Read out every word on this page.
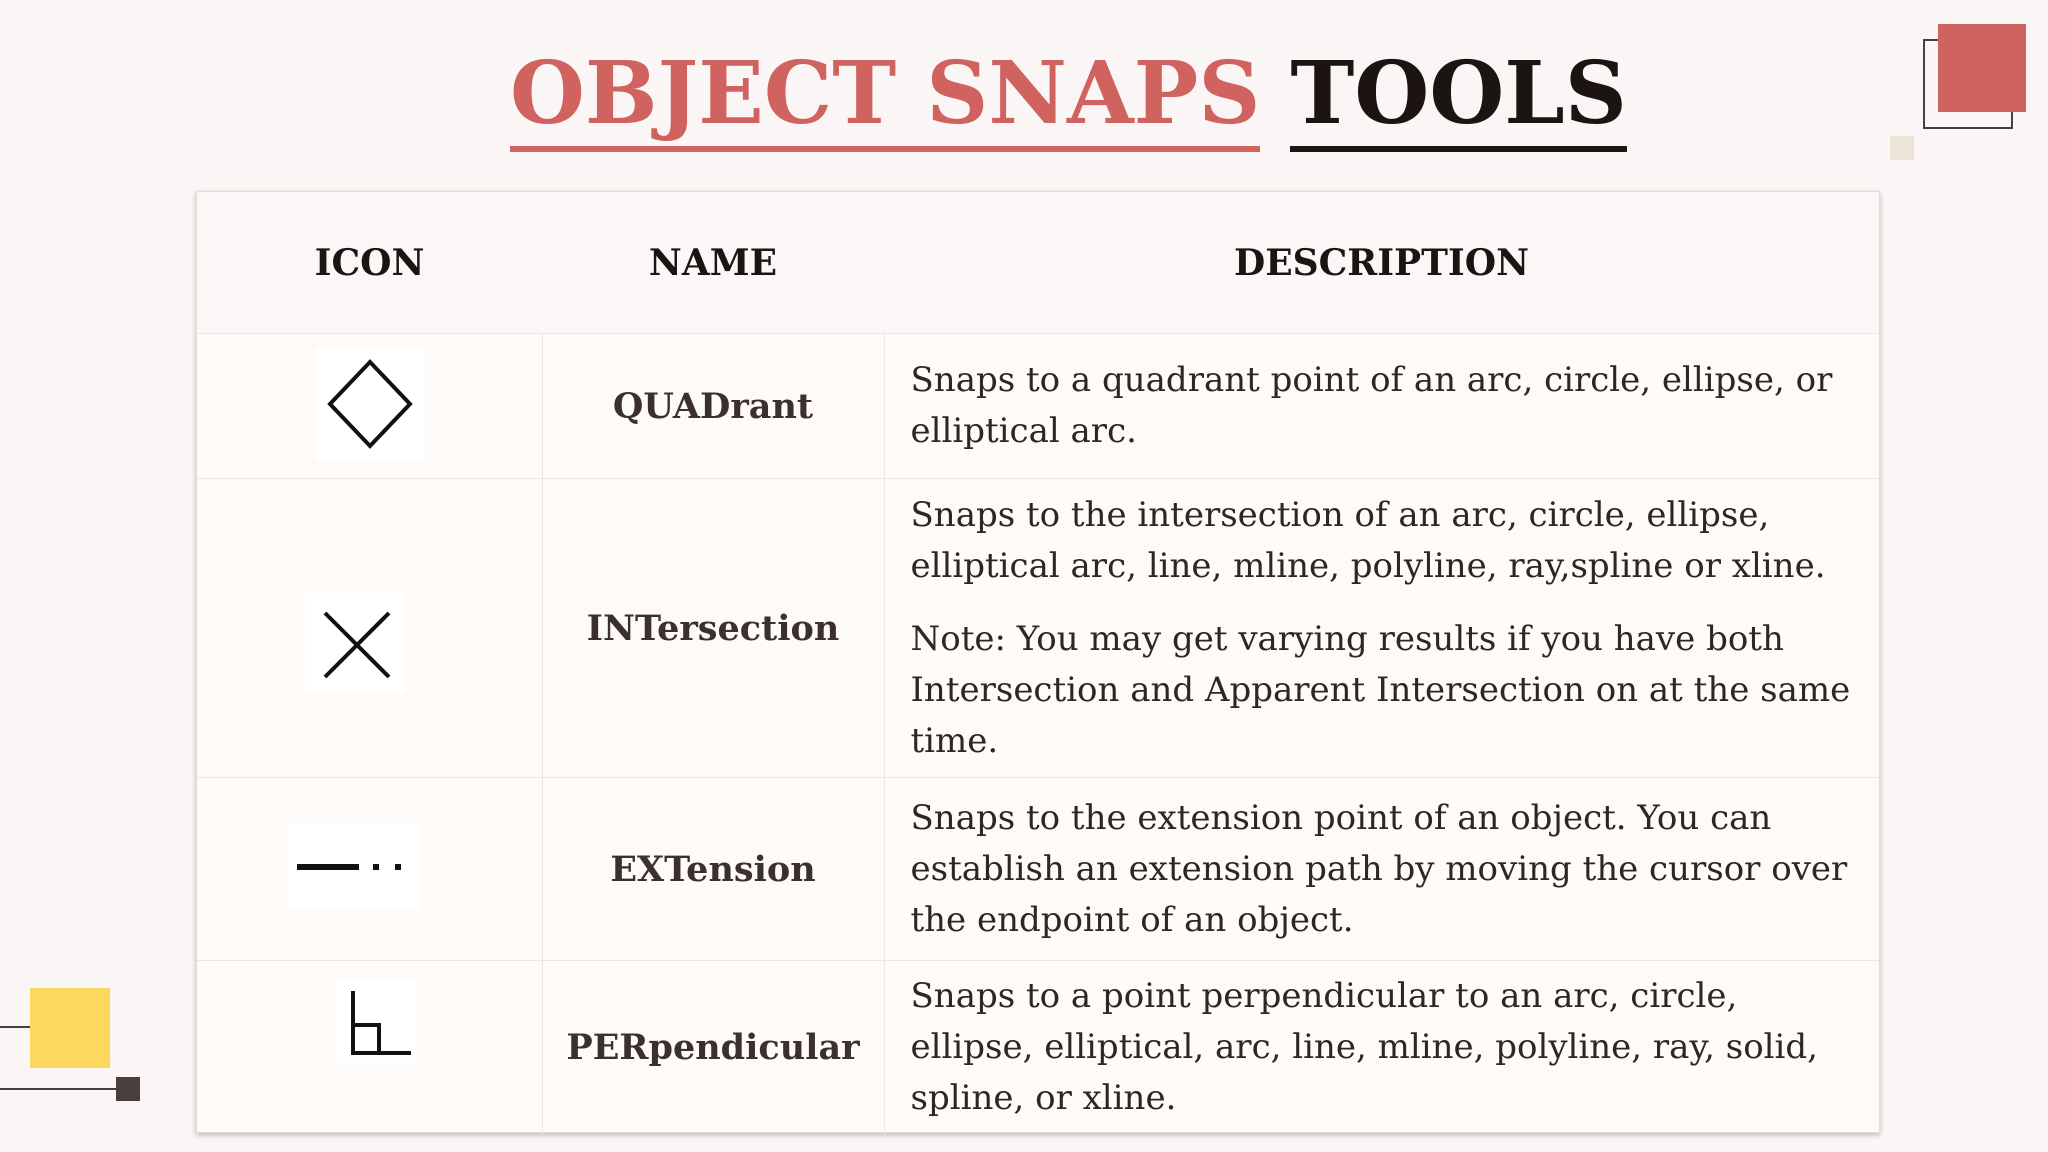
OBJECT SNAPS TOOLS
ICON	NAME	DESCRIPTION

	QUADrant	Snaps to a quadrant point of an arc, circle, ellipse, or elliptical arc.

	INTersection	Snaps to the intersection of an arc, circle, ellipse, elliptical arc, line, mline, polyline, ray,spline or xline.

Note: You may get varying results if you have both Intersection and Apparent Intersection on at the same time.

	EXTension	Snaps to the extension point of an object. You can establish an extension path by moving the cursor over the endpoint of an object.

	PERpendicular	Snaps to a point perpendicular to an arc, circle, ellipse, elliptical, arc, line, mline, polyline, ray, solid, spline, or xline.
